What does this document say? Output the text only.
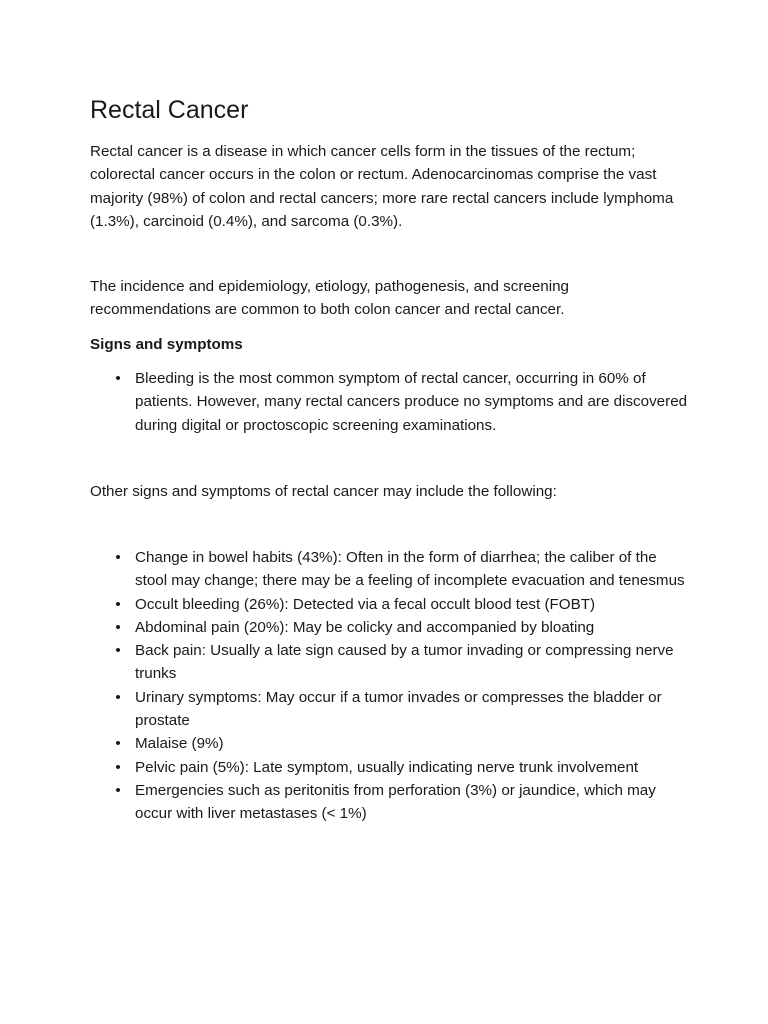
Rectal Cancer

Rectal cancer is a disease in which cancer cells form in the tissues of the rectum; colorectal cancer occurs in the colon or rectum. Adenocarcinomas comprise the vast majority (98%) of colon and rectal cancers; more rare rectal cancers include lymphoma (1.3%), carcinoid (0.4%), and sarcoma (0.3%).

The incidence and epidemiology, etiology, pathogenesis, and screening recommendations are common to both colon cancer and rectal cancer.

Signs and symptoms
• Bleeding is the most common symptom of rectal cancer, occurring in 60% of patients. However, many rectal cancers produce no symptoms and are discovered during digital or proctoscopic screening examinations.

Other signs and symptoms of rectal cancer may include the following:

• Change in bowel habits (43%): Often in the form of diarrhea; the caliber of the stool may change; there may be a feeling of incomplete evacuation and tenesmus
• Occult bleeding (26%): Detected via a fecal occult blood test (FOBT)
• Abdominal pain (20%): May be colicky and accompanied by bloating
• Back pain: Usually a late sign caused by a tumor invading or compressing nerve trunks
• Urinary symptoms: May occur if a tumor invades or compresses the bladder or prostate
• Malaise (9%)
• Pelvic pain (5%): Late symptom, usually indicating nerve trunk involvement
• Emergencies such as peritonitis from perforation (3%) or jaundice, which may occur with liver metastases (< 1%)
